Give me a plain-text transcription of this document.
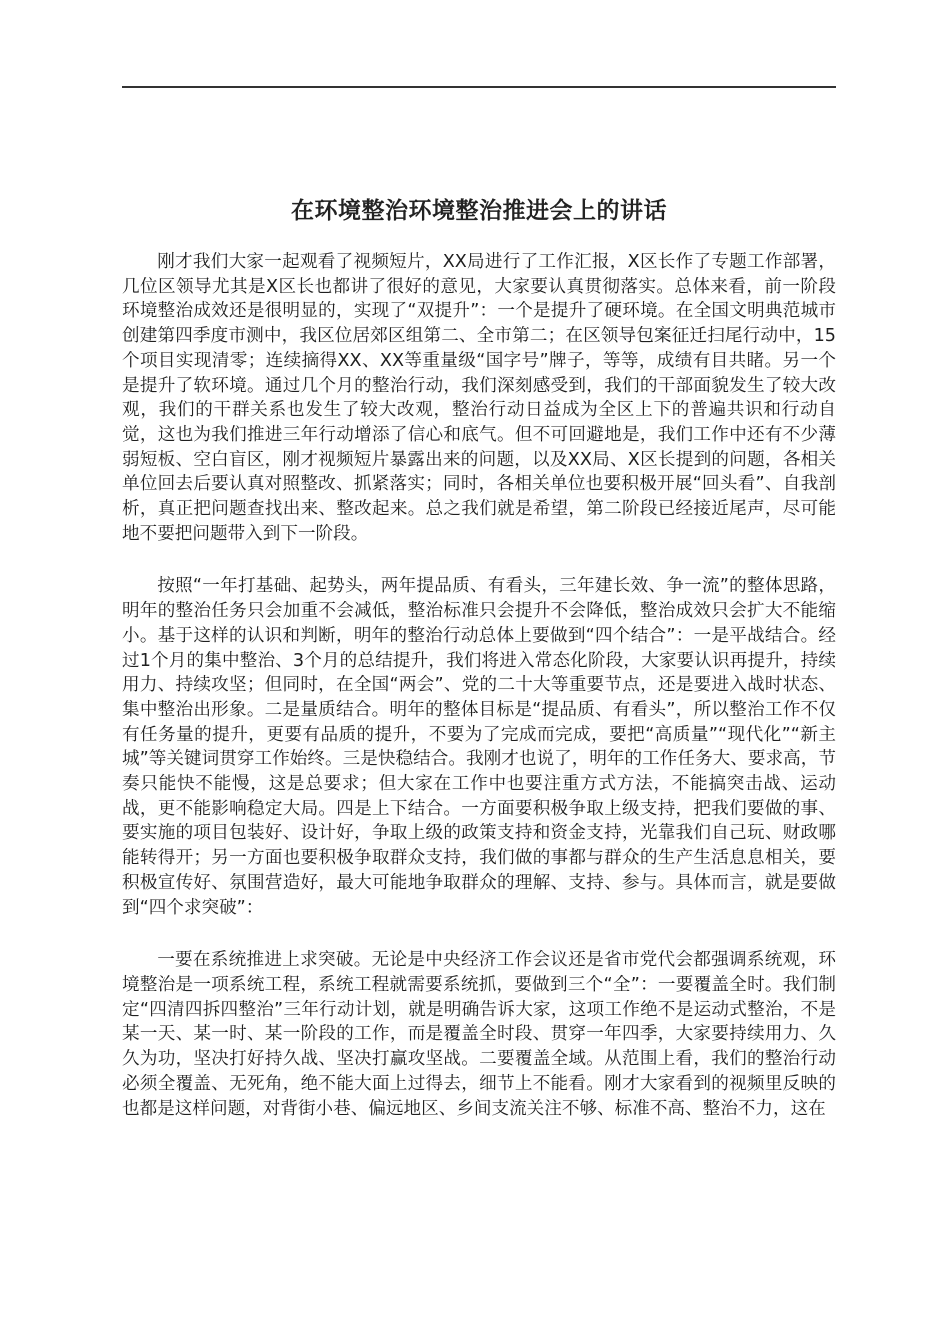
在环境整治环境整治推进会上的讲话

刚才我们大家一起观看了视频短片，XX局进行了工作汇报，X区长作了专题工作部署，几位区领导尤其是X区长也都讲了很好的意见，大家要认真贯彻落实。总体来看，前一阶段环境整治成效还是很明显的，实现了“双提升”：一个是提升了硬环境。在全国文明典范城市创建第四季度市测中，我区位居郊区组第二、全市第二；在区领导包案征迁扫尾行动中，15个项目实现清零；连续摘得XX、XX等重量级“国字号”牌子，等等，成绩有目共睹。另一个是提升了软环境。通过几个月的整治行动，我们深刻感受到，我们的干部面貌发生了较大改观，我们的干群关系也发生了较大改观，整治行动日益成为全区上下的普遍共识和行动自觉，这也为我们推进三年行动增添了信心和底气。但不可回避地是，我们工作中还有不少薄弱短板、空白盲区，刚才视频短片暴露出来的问题，以及XX局、X区长提到的问题，各相关单位回去后要认真对照整改、抓紧落实；同时，各相关单位也要积极开展“回头看”、自我剖析，真正把问题查找出来、整改起来。总之我们就是希望，第二阶段已经接近尾声，尽可能地不要把问题带入到下一阶段。

按照“一年打基础、起势头，两年提品质、有看头，三年建长效、争一流”的整体思路，明年的整治任务只会加重不会减低，整治标准只会提升不会降低，整治成效只会扩大不能缩小。基于这样的认识和判断，明年的整治行动总体上要做到“四个结合”：一是平战结合。经过1个月的集中整治、3个月的总结提升，我们将进入常态化阶段，大家要认识再提升，持续用力、持续攻坚；但同时，在全国“两会”、党的二十大等重要节点，还是要进入战时状态、集中整治出形象。二是量质结合。明年的整体目标是“提品质、有看头”，所以整治工作不仅有任务量的提升，更要有品质的提升，不要为了完成而完成，要把“高质量”“现代化”“新主城”等关键词贯穿工作始终。三是快稳结合。我刚才也说了，明年的工作任务大、要求高，节奏只能快不能慢，这是总要求；但大家在工作中也要注重方式方法，不能搞突击战、运动战，更不能影响稳定大局。四是上下结合。一方面要积极争取上级支持，把我们要做的事、要实施的项目包装好、设计好，争取上级的政策支持和资金支持，光靠我们自己玩、财政哪能转得开；另一方面也要积极争取群众支持，我们做的事都与群众的生产生活息息相关，要积极宣传好、氛围营造好，最大可能地争取群众的理解、支持、参与。具体而言，就是要做到“四个求突破”：

一要在系统推进上求突破。无论是中央经济工作会议还是省市党代会都强调系统观，环境整治是一项系统工程，系统工程就需要系统抓，要做到三个“全”：一要覆盖全时。我们制定“四清四拆四整治”三年行动计划，就是明确告诉大家，这项工作绝不是运动式整治，不是某一天、某一时、某一阶段的工作，而是覆盖全时段、贯穿一年四季，大家要持续用力、久久为功，坚决打好持久战、坚决打赢攻坚战。二要覆盖全域。从范围上看，我们的整治行动必须全覆盖、无死角，绝不能大面上过得去，细节上不能看。刚才大家看到的视频里反映的也都是这样问题，对背街小巷、偏远地区、乡间支流关注不够、标准不高、整治不力，这在
